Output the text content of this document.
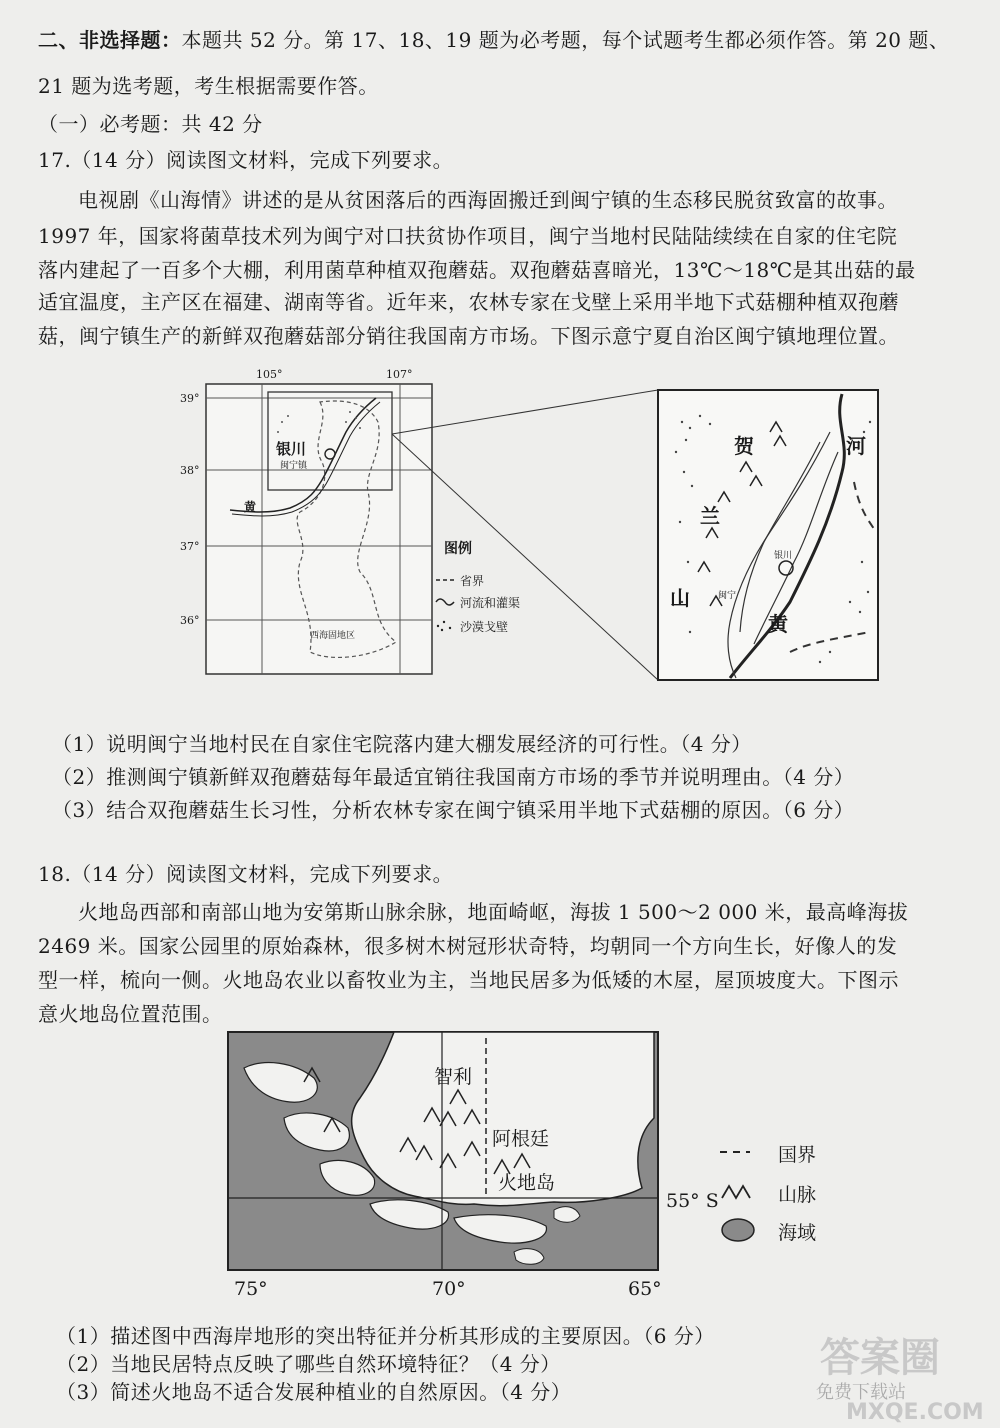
二、非选择题：本题共 52 分。第 17、18、19 题为必考题，每个试题考生都必须作答。第 20 题、
21 题为选考题，考生根据需要作答。
（一）必考题：共 42 分
17.（14 分）阅读图文材料，完成下列要求。
电视剧《山海情》讲述的是从贫困落后的西海固搬迁到闽宁镇的生态移民脱贫致富的故事。
1997 年，国家将菌草技术列为闽宁对口扶贫协作项目，闽宁当地村民陆陆续续在自家的住宅院
落内建起了一百多个大棚，利用菌草种植双孢蘑菇。双孢蘑菇喜暗光，13℃～18℃是其出菇的最
适宜温度，主产区在福建、湖南等省。近年来，农林专家在戈壁上采用半地下式菇棚种植双孢蘑
菇，闽宁镇生产的新鲜双孢蘑菇部分销往我国南方市场。下图示意宁夏自治区闽宁镇地理位置。
105°	107°
39°
38°
37°
36°
银川
闽宁镇
黄
西海固地区
图例
省界
河流和灌渠
沙漠戈壁
贺
兰
山
河
黄
银川
闽宁
（1）说明闽宁当地村民在自家住宅院落内建大棚发展经济的可行性。（4 分）
（2）推测闽宁镇新鲜双孢蘑菇每年最适宜销往我国南方市场的季节并说明理由。（4 分）
（3）结合双孢蘑菇生长习性，分析农林专家在闽宁镇采用半地下式菇棚的原因。（6 分）
18.（14 分）阅读图文材料，完成下列要求。
火地岛西部和南部山地为安第斯山脉余脉，地面崎岖，海拔 1 500～2 000 米，最高峰海拔
2469 米。国家公园里的原始森林，很多树木树冠形状奇特，均朝同一个方向生长，好像人的发
型一样，梳向一侧。火地岛农业以畜牧业为主，当地民居多为低矮的木屋，屋顶坡度大。下图示
意火地岛位置范围。
智利
阿根廷
火地岛
55° S
75°	70°	65°
国界
山脉
海域
（1）描述图中西海岸地形的突出特征并分析其形成的主要原因。（6 分）
（2）当地民居特点反映了哪些自然环境特征？（4 分）
（3）简述火地岛不适合发展种植业的自然原因。（4 分）
答案圈
免费下载站
MXQE.COM
